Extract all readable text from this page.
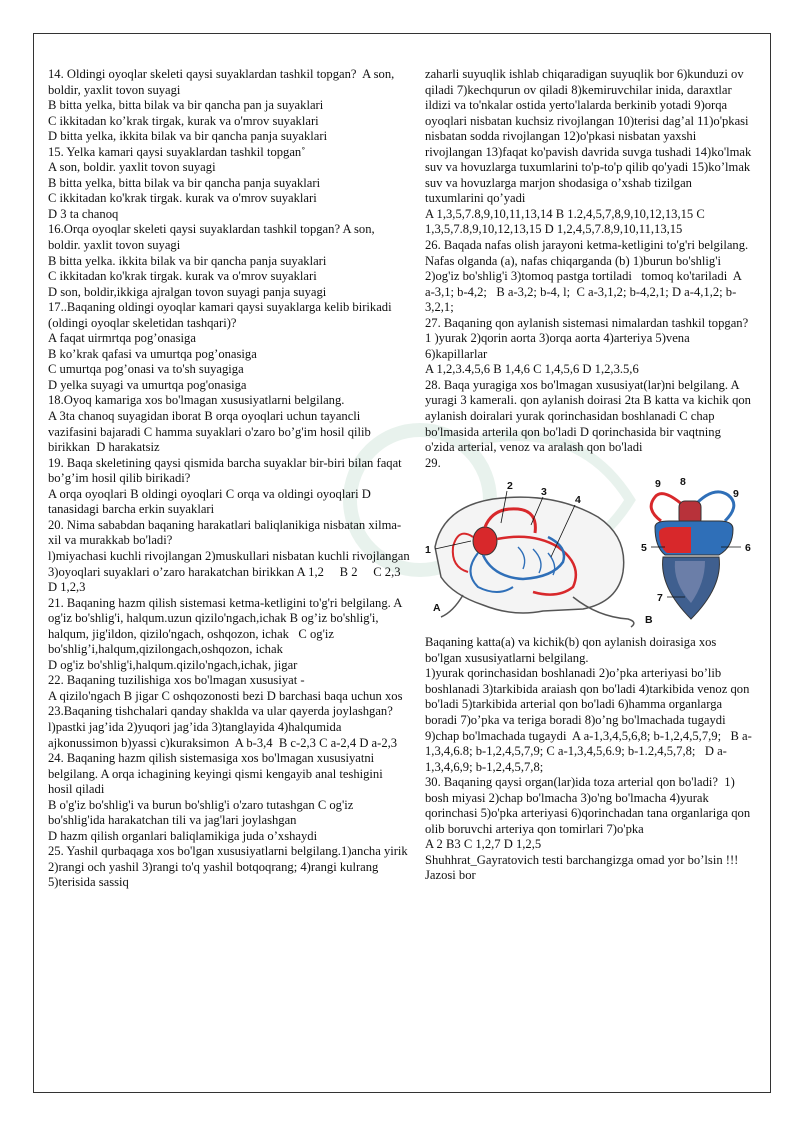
14. Oldingi oyoqlar skeleti qaysi suyaklardan tashkil topgan?  A son, boldir, yaxlit tovon suyagi

B bitta yelka, bitta bilak va bir qancha pan ja suyaklari

C ikkitadan ko’krak tirgak, kurak va o'mrov suyaklari

D bitta yelka, ikkita bilak va bir qancha panja suyaklari

15. Yelka kamari qaysi suyaklardan tashkil topgan˚

A son, boldir. yaxlit tovon suyagi

B bitta yelka, bitta bilak va bir qancha panja suyaklari

C ikkitadan ko'krak tirgak. kurak va o'mrov suyaklari

D 3 ta chanoq

16.Orqa oyoqlar skeleti qaysi suyaklardan tashkil topgan? A son, boldir. yaxlit tovon suyagi

B bitta yelka. ikkita bilak va bir qancha panja suyaklari

C ikkitadan ko'krak tirgak. kurak va o'mrov suyaklari

D son, boldir,ikkiga ajralgan tovon suyagi panja suyagi

17..Baqaning oldingi oyoqlar kamari qaysi suyaklarga kelib birikadi (oldingi oyoqlar skeletidan tashqari)?

A faqat uirmrtqa pog’onasiga

B ko’krak qafasi va umurtqa pog’onasiga

C umurtqa pog’onasi va to'sh suyagiga

D yelka suyagi va umurtqa pog'onasiga

18.Oyoq kamariga xos bo'lmagan xususiyatlarni belgilang.

A 3ta chanoq suyagidan iborat B orqa oyoqlari uchun tayancli vazifasini bajaradi C hamma suyaklari o'zaro bo’g'im hosil qilib birikkan  D harakatsiz

19. Baqa skeletining qaysi qismida barcha suyaklar bir-biri bilan faqat bo’g’im hosil qilib birikadi?

A orqa oyoqlari B oldingi oyoqlari C orqa va oldingi oyoqlari D tanasidagi barcha erkin suyaklari

20. Nima sababdan baqaning harakatlari baliqlanikiga nisbatan xilma-xil va murakkab bo'ladi?

l)miyachasi kuchli rivojlangan 2)muskullari nisbatan kuchli rivojlangan 3)oyoqlari suyaklari o’zaro harakatchan birikkan A 1,2     B 2     C 2,3      D 1,2,3

21. Baqaning hazm qilish sistemasi ketma-ketligini to'g'ri belgilang. A og'iz bo'shlig'i, halqum.uzun qizilo'ngach,ichak B og’iz bo'shlig'i, halqum, jig'ildon, qizilo'ngach, oshqozon, ichak   C og'iz bo'shlig’i,halqum,qizilongach,oshqozon, ichak

D og'iz bo'shlig'i,halqum.qizilo'ngach,ichak, jigar

22. Baqaning tuzilishiga xos bo'lmagan xususiyat -

A qizilo'ngach B jigar C oshqozonosti bezi D barchasi baqa uchun xos

23.Baqaning tishchalari qanday shaklda va ular qayerda joylashgan? l)pastki jag’ida 2)yuqori jag’ida 3)tanglayida 4)halqumida ajkonussimon b)yassi c)kuraksimon  A b-3,4  B c-2,3 C a-2,4 D a-2,3

24. Baqaning hazm qilish sistemasiga xos bo'lmagan xususiyatni belgilang. A orqa ichagining keyingi qismi kengayib anal teshigini hosil qiladi

B o'g'iz bo'shlig'i va burun bo'shlig'i o'zaro tutashgan C og'iz bo'shlig'ida harakatchan tili va jag'lari joylashgan

D hazm qilish organlari baliqlamikiga juda o’xshaydi

25. Yashil qurbaqaga xos bo'lgan xususiyatlarni belgilang.1)ancha yirik 2)rangi och yashil 3)rangi to'q yashil botqoqrang; 4)rangi kulrang 5)terisida sassiq

zaharli suyuqlik ishlab chiqaradigan suyuqlik bor 6)kunduzi ov qiladi 7)kechqurun ov qiladi 8)kemiruvchilar inida, daraxtlar ildizi va to'nkalar ostida yerto'lalarda berkinib yotadi 9)orqa oyoqlari nisbatan kuchsiz rivojlangan 10)terisi dag’al 11)o'pkasi nisbatan sodda rivojlangan 12)o'pkasi nisbatan yaxshi rivojlangan 13)faqat ko'pavish davrida suvga tushadi 14)ko'lmak suv va hovuzlarga tuxumlarini to'p-to'p qilib qo'yadi 15)ko’lmak suv va hovuzlarga marjon shodasiga o’xshab tizilgan tuxumlarini qo’yadi

A 1,3,5,7.8,9,10,11,13,14 B 1.2,4,5,7,8,9,10,12,13,15 C 1,3,5,7.8,9,10,12,13,15 D 1,2,4,5,7.8,9,10,11,13,15

26. Baqada nafas olish jarayoni ketma-ketligini to'g'ri belgilang. Nafas olganda (a), nafas chiqarganda (b) 1)burun bo'shlig'i 2)og'iz bo'shlig'i 3)tomoq pastga tortiladi   tomoq ko'tariladi  A a-3,1; b-4,2;   B a-3,2; b-4, l;  C a-3,1,2; b-4,2,1; D a-4,1,2; b-3,2,1;

27. Baqaning qon aylanish sistemasi nimalardan tashkil topgan? 1 )yurak 2)qorin aorta 3)orqa aorta 4)arteriya 5)vena 6)kapillarlar

A 1,2,3.4,5,6 B 1,4,6 C 1,4,5,6 D 1,2,3.5,6

28. Baqa yuragiga xos bo'lmagan xususiyat(lar)ni belgilang. A yuragi 3 kamerali. qon aylanish doirasi 2ta B katta va kichik qon aylanish doiralari yurak qorinchasidan boshlanadi C chap bo'lmasida arterila qon bo'ladi D qorinchasida bir vaqtning o'zida arterial, venoz va aralash qon bo'ladi

29.

2	3
4
1
A
9 8
9
5	6
7
B

Baqaning katta(a) va kichik(b) qon aylanish doirasiga xos bo'lgan xususiyatlarni belgilang.

1)yurak qorinchasidan boshlanadi 2)o’pka arteriyasi bo’lib boshlanadi 3)tarkibida araiash qon bo'ladi 4)tarkibida venoz qon bo'ladi 5)tarkibida arterial qon bo'ladi 6)hamma organlarga boradi 7)o’pka va teriga boradi 8)o’ng bo'lmachada tugaydi 9)chap bo'lmachada tugaydi  A a-1,3,4,5,6,8; b-1,2,4,5,7,9;   B a-1,3,4,6.8; b-1,2,4,5,7,9; C a-1,3,4,5,6.9; b-1.2,4,5,7,8;   D a-1,3,4,6,9; b-1,2,4,5,7,8;

30. Baqaning qaysi organ(lar)ida toza arterial qon bo'ladi?  1) bosh miyasi 2)chap bo'lmacha 3)o'ng bo'lmacha 4)yurak qorinchasi 5)o'pka arteriyasi 6)qorinchadan tana organlariga qon olib boruvchi arteriya qon tomirlari 7)o'pka

A 2 B3 C 1,2,7 D 1,2,5

Shuhhrat_Gayratovich testi barchangizga omad yor bo’lsin !!! Jazosi bor
